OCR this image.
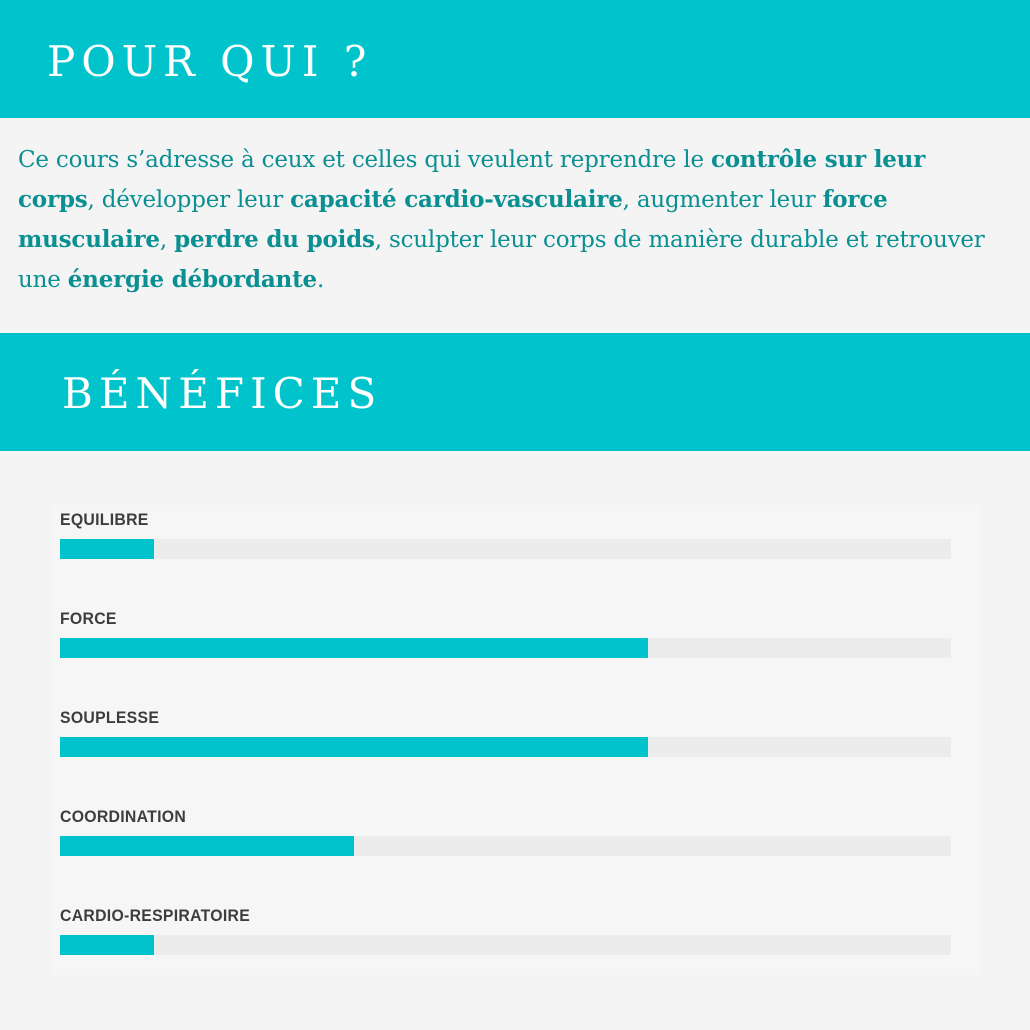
POUR QUI ?

Ce cours s’adresse à ceux et celles qui veulent reprendre le contrôle sur leur corps, développer leur capacité cardio-vasculaire, augmenter leur force musculaire, perdre du poids, sculpter leur corps de manière durable et retrouver une énergie débordante.

BÉNÉFICES
EQUILIBRE
FORCE
SOUPLESSE
COORDINATION
CARDIO-RESPIRATOIRE
